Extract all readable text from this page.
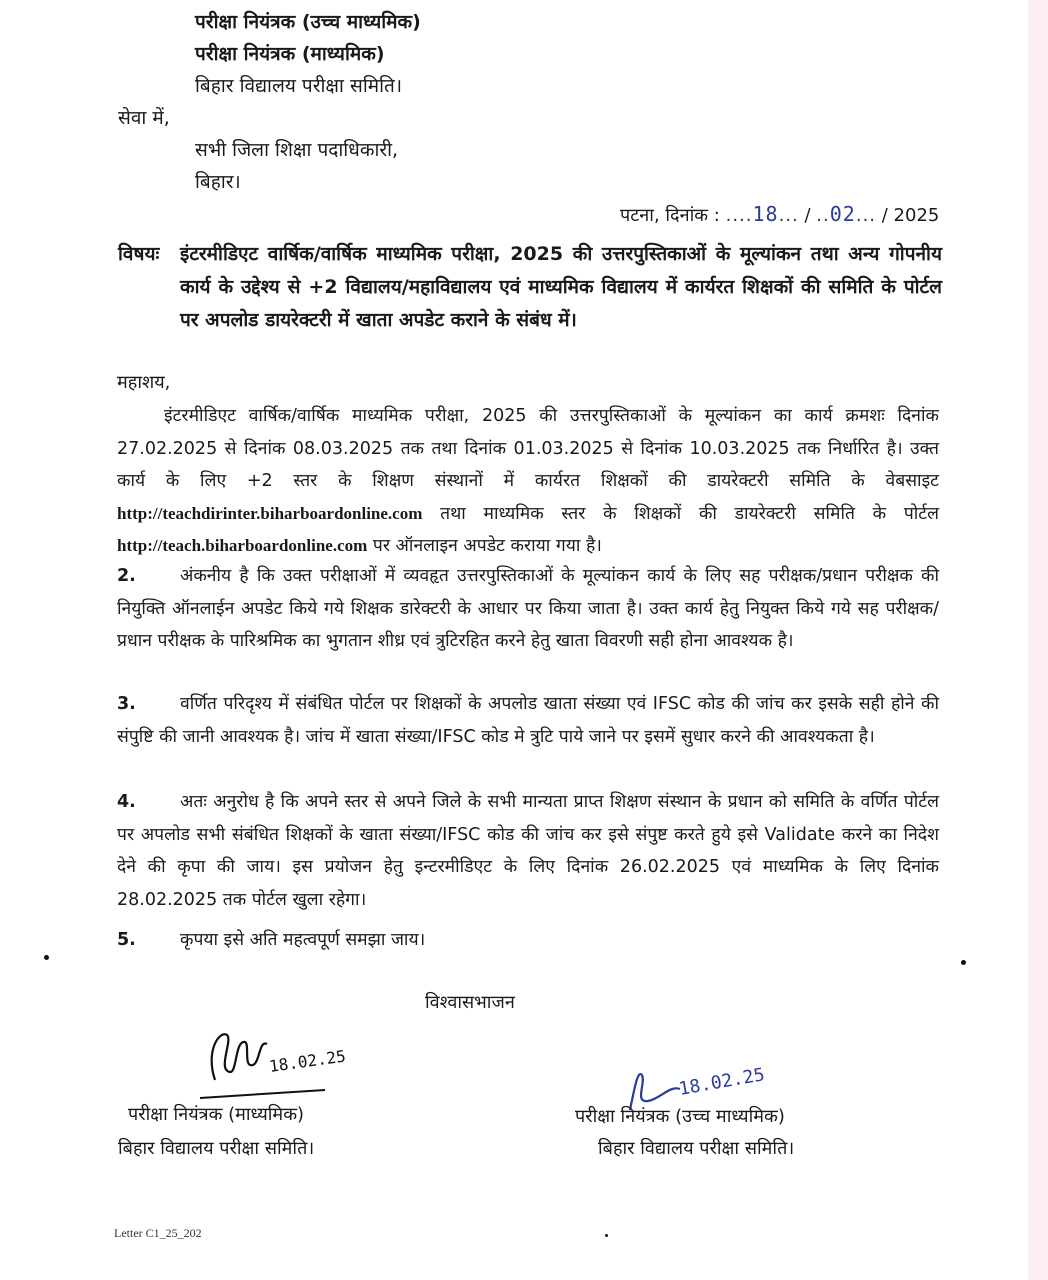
परीक्षा नियंत्रक (उच्च माध्यमिक)
परीक्षा नियंत्रक (माध्यमिक)
बिहार विद्यालय परीक्षा समिति।
सेवा में,
सभी जिला शिक्षा पदाधिकारी,
बिहार।
पटना, दिनांक : ....18... / ..02... / 2025
विषयः इंटरमीडिएट वार्षिक/वार्षिक माध्यमिक परीक्षा, 2025 की उत्तरपुस्तिकाओं के मूल्यांकन तथा अन्य गोपनीय कार्य के उद्देश्य से +2 विद्यालय/महाविद्यालय एवं माध्यमिक विद्यालय में कार्यरत शिक्षकों की समिति के पोर्टल पर अपलोड डायरेक्टरी में खाता अपडेट कराने के संबंध में।
महाशय,
इंटरमीडिएट वार्षिक/वार्षिक माध्यमिक परीक्षा, 2025 की उत्तरपुस्तिकाओं के मूल्यांकन का कार्य क्रमशः दिनांक 27.02.2025 से दिनांक 08.03.2025 तक तथा दिनांक 01.03.2025 से दिनांक 10.03.2025 तक निर्धारित है। उक्त कार्य के लिए +2 स्तर के शिक्षण संस्थानों में कार्यरत शिक्षकों की डायरेक्टरी समिति के वेबसाइट http://teachdirinter.biharboardonline.com तथा माध्यमिक स्तर के शिक्षकों की डायरेक्टरी समिति के पोर्टल http://teach.biharboardonline.com पर ऑनलाइन अपडेट कराया गया है।
2.	अंकनीय है कि उक्त परीक्षाओं में व्यवहृत उत्तरपुस्तिकाओं के मूल्यांकन कार्य के लिए सह परीक्षक/प्रधान परीक्षक की नियुक्ति ऑनलाईन अपडेट किये गये शिक्षक डारेक्टरी के आधार पर किया जाता है। उक्त कार्य हेतु नियुक्त किये गये सह परीक्षक/प्रधान परीक्षक के पारिश्रमिक का भुगतान शीध्र एवं त्रुटिरहित करने हेतु खाता विवरणी सही होना आवश्यक है।
3.	वर्णित परिदृश्य में संबंधित पोर्टल पर शिक्षकों के अपलोड खाता संख्या एवं IFSC कोड की जांच कर इसके सही होने की संपुष्टि की जानी आवश्यक है। जांच में खाता संख्या/IFSC कोड मे त्रुटि पाये जाने पर इसमें सुधार करने की आवश्यकता है।
4.	अतः अनुरोध है कि अपने स्तर से अपने जिले के सभी मान्यता प्राप्त शिक्षण संस्थान के प्रधान को समिति के वर्णित पोर्टल पर अपलोड सभी संबंधित शिक्षकों के खाता संख्या/IFSC कोड की जांच कर इसे संपुष्ट करते हुये इसे Validate करने का निदेश देने की कृपा की जाय। इस प्रयोजन हेतु इन्टरमीडिएट के लिए दिनांक 26.02.2025 एवं माध्यमिक के लिए दिनांक 28.02.2025 तक पोर्टल खुला रहेगा।
5.	कृपया इसे अति महत्वपूर्ण समझा जाय।
विश्वासभाजन
18.02.25
परीक्षा नियंत्रक (माध्यमिक)
बिहार विद्यालय परीक्षा समिति।
18.02.25
परीक्षा नियंत्रक (उच्च माध्यमिक)
बिहार विद्यालय परीक्षा समिति।
Letter C1_25_202
